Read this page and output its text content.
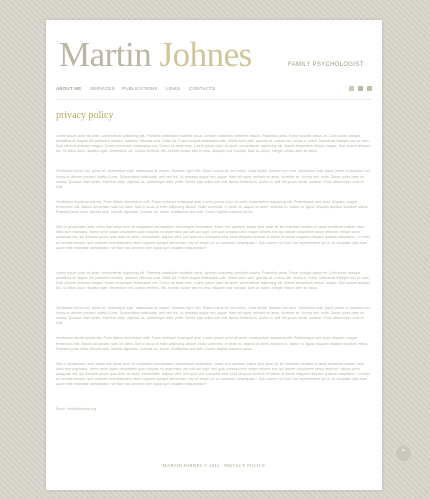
Martin Johnes	FAMILY PSYCHOLOGIST
ABOUT ME SERVICES PUBLICATIONS LINKS CONTACTS
privacy policy

Lorem ipsum dolor sit amet, consectetuer adipiscing elit. Praesent vestibulum molestie lacus. Aenean nonummy hendrerit mauris. Phasellus porta. Fusce suscipit varius mi. Cum sociis natoque penatibus et magnis dis parturient montes, nascetur ridiculus mus. Nulla dui. Fusce feugiat malesuada odio. Morbi nunc odio, gravida at, cursus nec, luctus a, lorem. Maecenas tristique orci ac sem. Duis ultricies pharetra magna. Donec accumsan malesuada orci. Donec sit amet eros. Lorem ipsum dolor sit amet, consectetuer adipiscing elit. Mauris fermentum dictum magna. Sed laoreet aliquam leo. Ut tellus dolor, dapibus eget, elementum vel, cursus eleifend, elit. Aenean auctor wisi et urna. Aliquam erat volutpat. Duis ac turpis. Integer rutrum ante eu lacus.

Vestibulum libero nisl, porta vel, scelerisque eget, malesuada at, neque. Vivamus eget nibh. Etiam cursus leo vel metus. Nulla facilisi. Aenean nec eros. Vestibulum ante ipsum primis in faucibus orci luctus et ultrices posuere cubilia Curae; Suspendisse sollicitudin velit sed leo. Ut pharetra augue nec augue. Nam elit agna, endrerit sit amet, tincidunt ac, viverra sed, nulla. Donec porta diam eu massa. Quisque diam lorem, interdum vitae, dapibus ac, scelerisque vitae, pede. Donec eget tellus non erat lacinia fermentum. Donec in velit vel ipsum auctor pulvinar. Proin ullamcorper urna et felis.

Vestibulum iaculis lacinia est. Proin dictum elementum velit. Fusce euismod consequat ante. Lorem ipsum dolor sit amet, consectetuer adipiscing elit. Pellentesque sed dolor. Aliquam congue fermentum nisl. Mauris accumsan nulla vel diam. Sed in lacus ut enim adipiscing aliquet. Nulla venenatis. In pede mi, aliquet sit amet, euismod in, auctor ut, ligula. Aliquam dapibus tincidunt metus. Praesent justo dolor, lobortis quis, lobortis dignissim, pulvinar ac, lorem. Vestibulum sed ante. Donec sagittis euismod purus.

Sed ut perspiciatis unde omnis iste natus error sit voluptatem accusantium doloremque laudantium, totam rem aperiam, eaque ipsa quae ab illo inventore veritatis et quasi architecto beatae vitae dicta sunt explicabo. Nemo enim ipsam voluptatem quia voluptas sit aspernatur aut odit aut fugit, sed quia consequuntur magni dolores eos qui ratione voluptatem sequi nesciunt. Neque porro quisquam est, qui dolorem ipsum quia dolor sit amet, consectetur, adipisci velit, sed quia non numquam eius modi tempora incidunt ut labore et dolore magnam aliquam quaerat voluptatem. Ut enim ad minima veniam, quis nostrum exercitationem ullam corporis suscipit laboriosam, nisi ut aliquid ex ea commodi consequatur? Quis autem vel eum iure reprehenderit qui in ea voluptate velit esse quam nihil molestiae consequatur, vel illum qui dolorem eum fugiat quo voluptas nulla pariatur?

Lorem ipsum dolor sit amet, consectetuer adipiscing elit. Praesent vestibulum molestie lacus. Aenean nonummy hendrerit mauris. Phasellus porta. Fusce suscipit varius mi. Cum sociis natoque penatibus et magnis dis parturient montes, nascetur ridiculus mus. Nulla dui. Fusce feugiat malesuada odio. Morbi nunc odio, gravida at, cursus nec, luctus a, lorem. Maecenas tristique orci ac sem. Duis ultricies pharetra magna. Donec accumsan malesuada orci. Donec sit amet eros. Lorem ipsum dolor sit amet, consectetuer adipiscing elit. Mauris fermentum dictum magna. Sed laoreet aliquam leo. Ut tellus dolor, dapibus eget, elementum vel, cursus eleifend, elit. Aenean auctor wisi et urna. Aliquam erat volutpat. Duis ac turpis. Integer rutrum ante eu lacus.

Vestibulum libero nisl, porta vel, scelerisque eget, malesuada at, neque. Vivamus eget nibh. Etiam cursus leo vel metus. Nulla facilisi. Aenean nec eros. Vestibulum ante ipsum primis in faucibus orci luctus et ultrices posuere cubilia Curae; Suspendisse sollicitudin velit sed leo. Ut pharetra augue nec augue. Nam elit agna, endrerit sit amet, tincidunt ac, viverra sed, nulla. Donec porta diam eu massa. Quisque diam lorem, interdum vitae, dapibus ac, scelerisque vitae, pede. Donec eget tellus non erat lacinia fermentum. Donec in velit vel ipsum auctor pulvinar. Proin ullamcorper urna et felis.

Vestibulum iaculis lacinia est. Proin dictum elementum velit. Fusce euismod consequat ante. Lorem ipsum dolor sit amet, consectetuer adipiscing elit. Pellentesque sed dolor. Aliquam congue fermentum nisl. Mauris accumsan nulla vel diam. Sed in lacus ut enim adipiscing aliquet. Nulla venenatis. In pede mi, aliquet sit amet, euismod in, auctor ut, ligula. Aliquam dapibus tincidunt metus. Praesent justo dolor, lobortis quis, lobortis dignissim, pulvinar ac, lorem. Vestibulum sed ante. Donec sagittis euismod purus.

Sed ut perspiciatis unde omnis iste natus error sit voluptatem accusantium doloremque laudantium, totam rem aperiam, eaque ipsa quae ab illo inventore veritatis et quasi architecto beatae vitae dicta sunt explicabo. Nemo enim ipsam voluptatem quia voluptas sit aspernatur aut odit aut fugit, sed quia consequuntur magni dolores eos qui ratione voluptatem sequi nesciunt. Neque porro quisquam est, qui dolorem ipsum quia dolor sit amet, consectetur, adipisci velit, sed quia non numquam eius modi tempora incidunt ut labore et dolore magnam aliquam quaerat voluptatem. Ut enim ad minima veniam, quis nostrum exercitationem ullam corporis suscipit laboriosam, nisi ut aliquid ex ea commodi consequatur? Quis autem vel eum iure reprehenderit qui in ea voluptate velit esse quam nihil molestiae consequatur, vel illum qui dolorem eum fugiat quo voluptas nulla pariatur?

Email: info@demolink.org

MARTIN JOHNES © 2012 · PRIVACY POLICY
⌃
